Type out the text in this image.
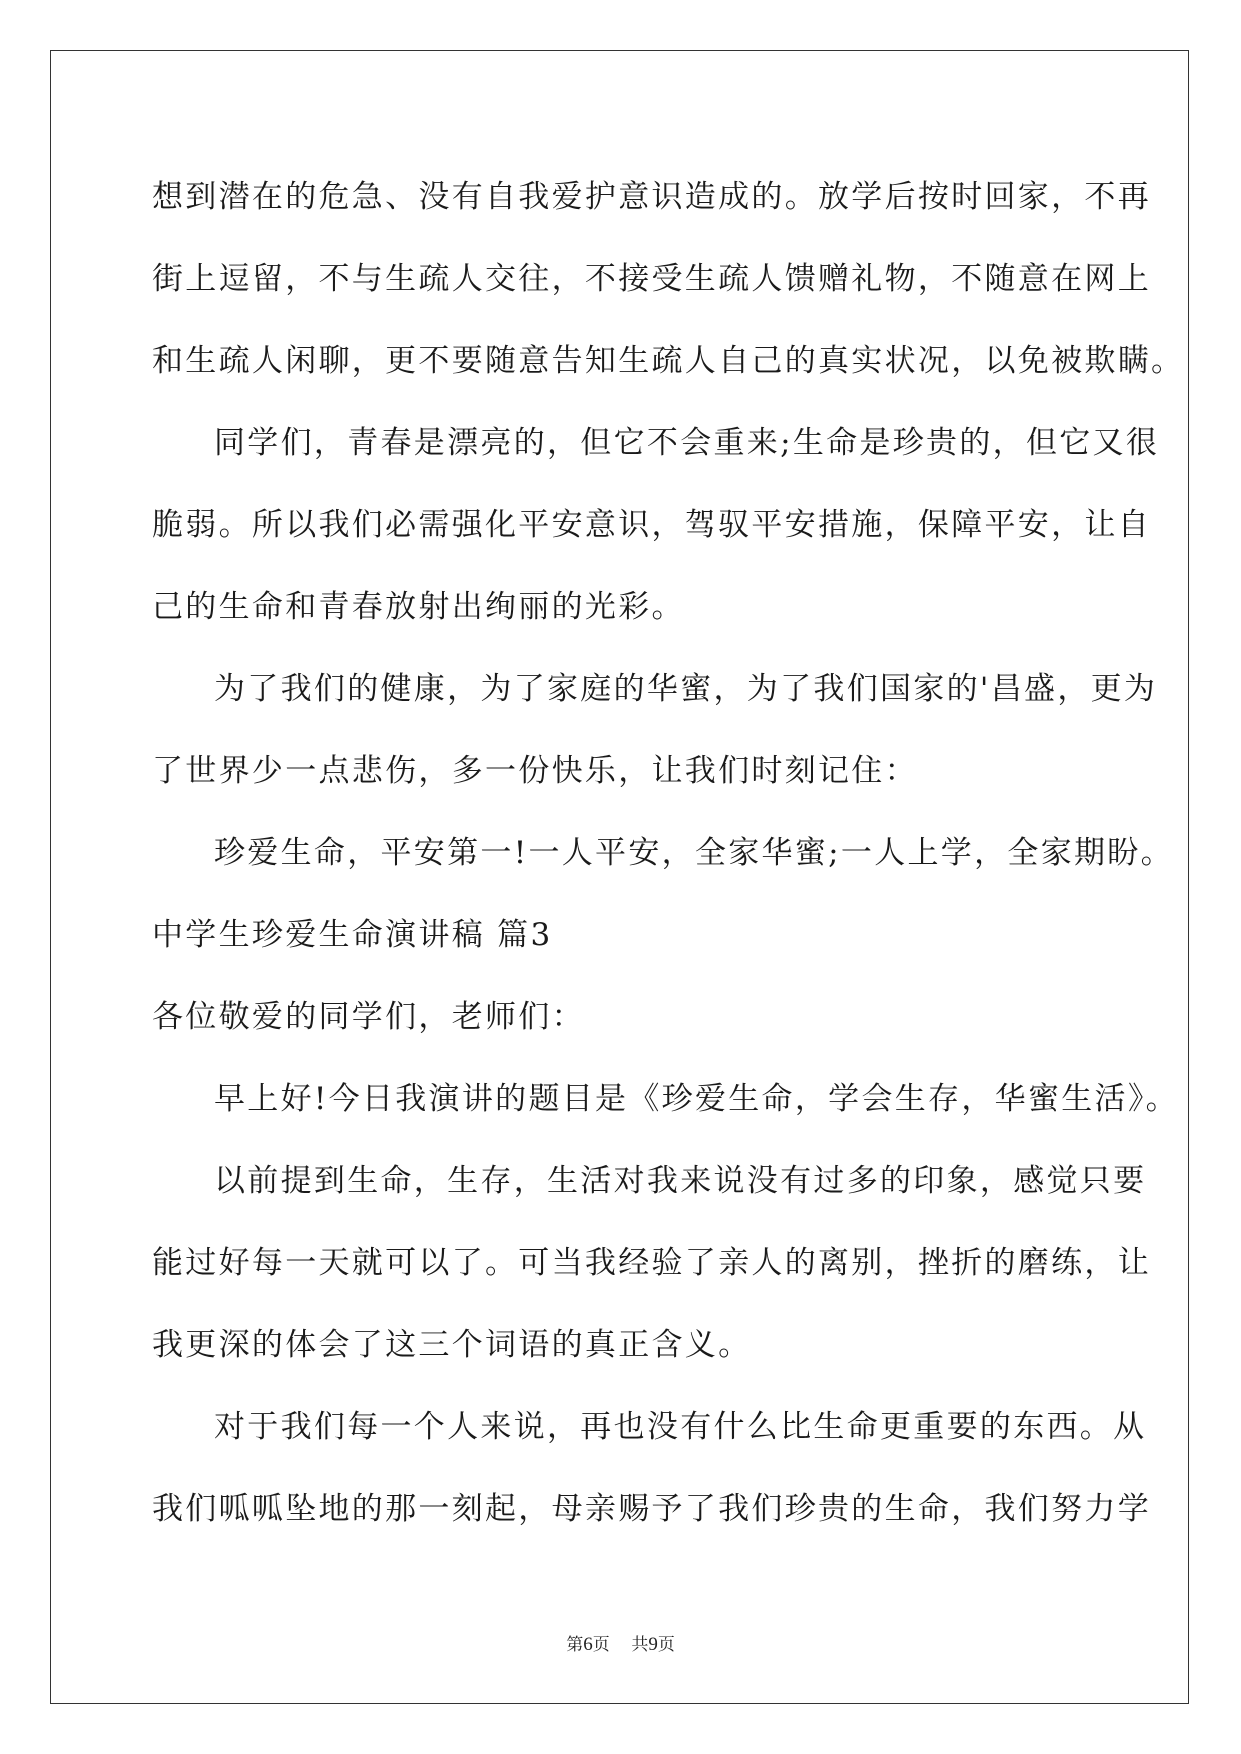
想到潜在的危急、没有自我爱护意识造成的。放学后按时回家，不再
街上逗留，不与生疏人交往，不接受生疏人馈赠礼物，不随意在网上
和生疏人闲聊，更不要随意告知生疏人自己的真实状况，以免被欺瞒。
同学们，青春是漂亮的，但它不会重来;生命是珍贵的，但它又很
脆弱。所以我们必需强化平安意识，驾驭平安措施，保障平安，让自
己的生命和青春放射出绚丽的光彩。
为了我们的健康，为了家庭的华蜜，为了我们国家的'昌盛，更为
了世界少一点悲伤，多一份快乐，让我们时刻记住：
珍爱生命，平安第一!一人平安，全家华蜜;一人上学，全家期盼。
中学生珍爱生命演讲稿 篇3
各位敬爱的同学们，老师们：
早上好!今日我演讲的题目是《珍爱生命，学会生存，华蜜生活》。
以前提到生命，生存，生活对我来说没有过多的印象，感觉只要
能过好每一天就可以了。可当我经验了亲人的离别，挫折的磨练，让
我更深的体会了这三个词语的真正含义。
对于我们每一个人来说，再也没有什么比生命更重要的东西。从
我们呱呱坠地的那一刻起，母亲赐予了我们珍贵的生命，我们努力学
第6页 共9页
